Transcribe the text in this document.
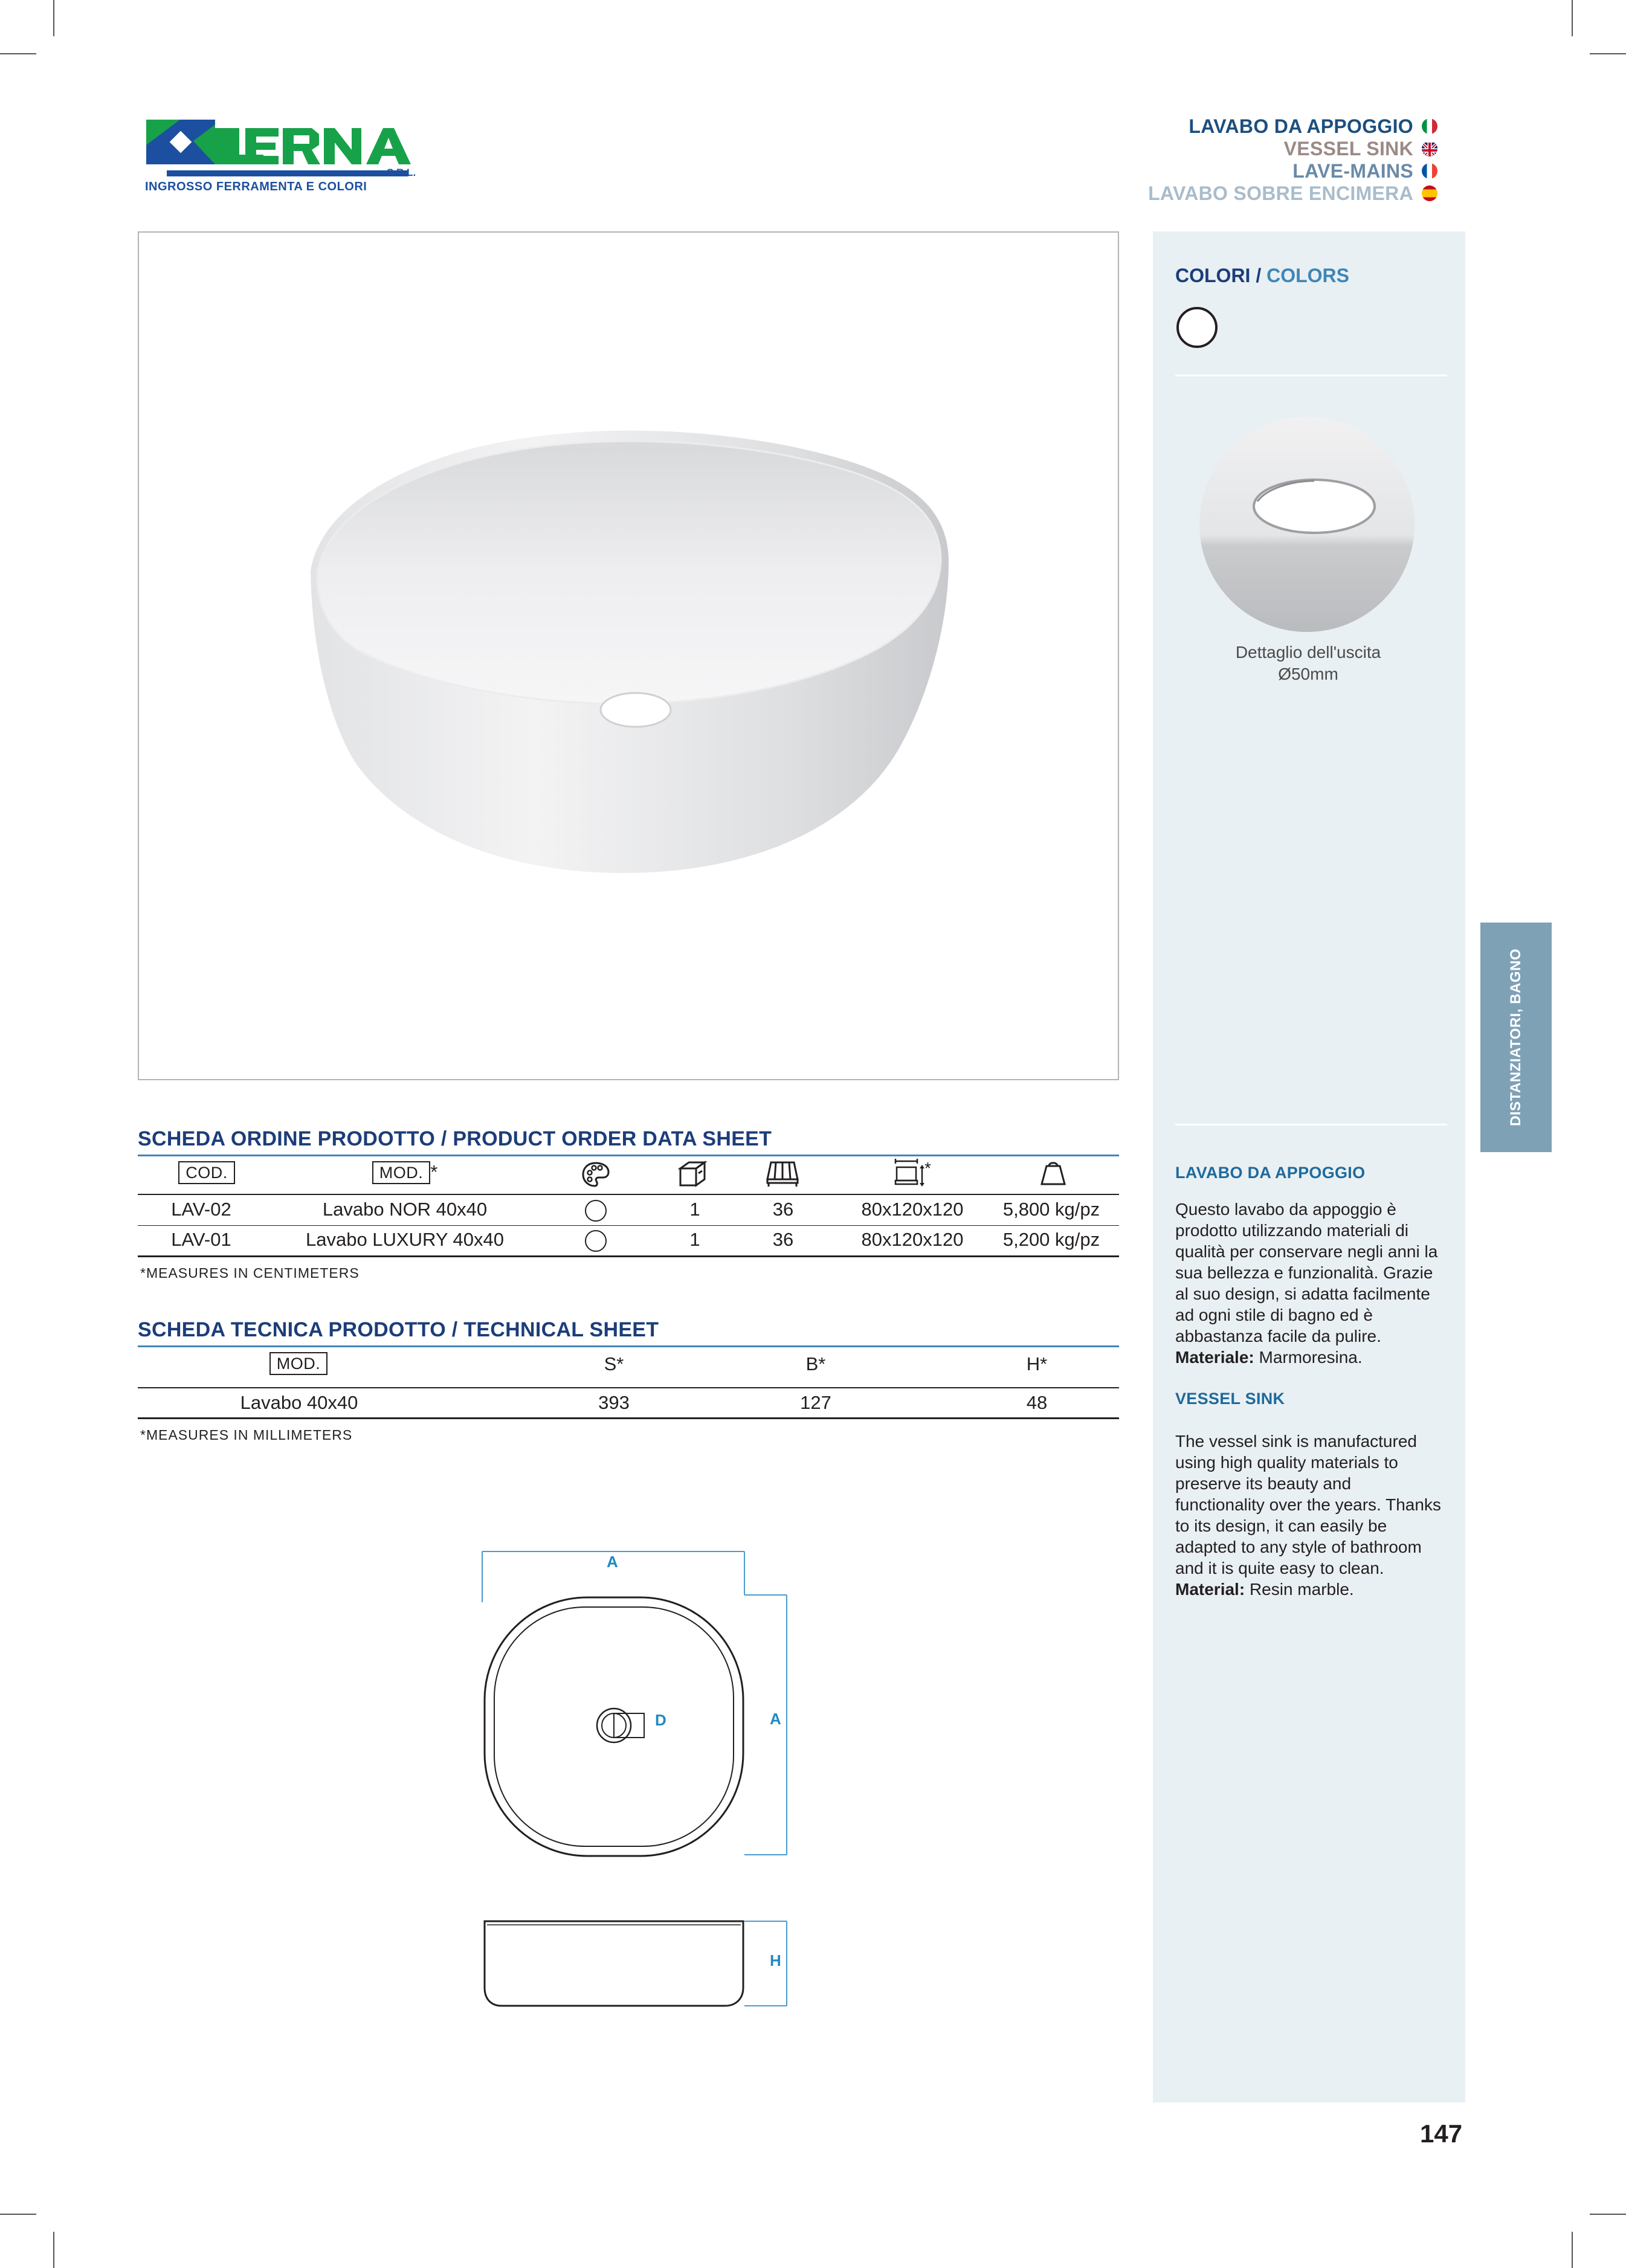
S.R.L.
INGROSSO FERRAMENTA E COLORI
LAVABO DA APPOGGIO
VESSEL SINK
LAVE-MAINS
LAVABO SOBRE ENCIMERA
COLORI / COLORS
Dettaglio dell'uscita
Ø50mm
DISTANZIATORI, BAGNO
LAVABO DA APPOGGIO
Questo lavabo da appoggio è prodotto utilizzando materiali di qualità per conservare negli anni la sua bellezza e funzionalità. Grazie al suo design, si adatta facilmente ad ogni stile di bagno ed è abbastanza facile da pulire.
Materiale: Marmoresina.
VESSEL SINK
The vessel sink is manufactured using high quality materials to preserve its beauty and functionality over the years. Thanks to its design, it can easily be adapted to any style of bathroom and it is quite easy to clean.
Material: Resin marble.
SCHEDA ORDINE PRODOTTO / PRODUCT ORDER DATA SHEET
COD.	MOD. *	*
LAV-02	Lavabo NOR 40x40	1	36	80x120x120	5,800 kg/pz
LAV-01	Lavabo LUXURY 40x40	1	36	80x120x120	5,200 kg/pz
*MEASURES IN CENTIMETERS
SCHEDA TECNICA PRODOTTO / TECHNICAL SHEET
MOD.	S*	B*	H*
Lavabo 40x40	393	127	48
*MEASURES IN MILLIMETERS
A
A
D
H
147
